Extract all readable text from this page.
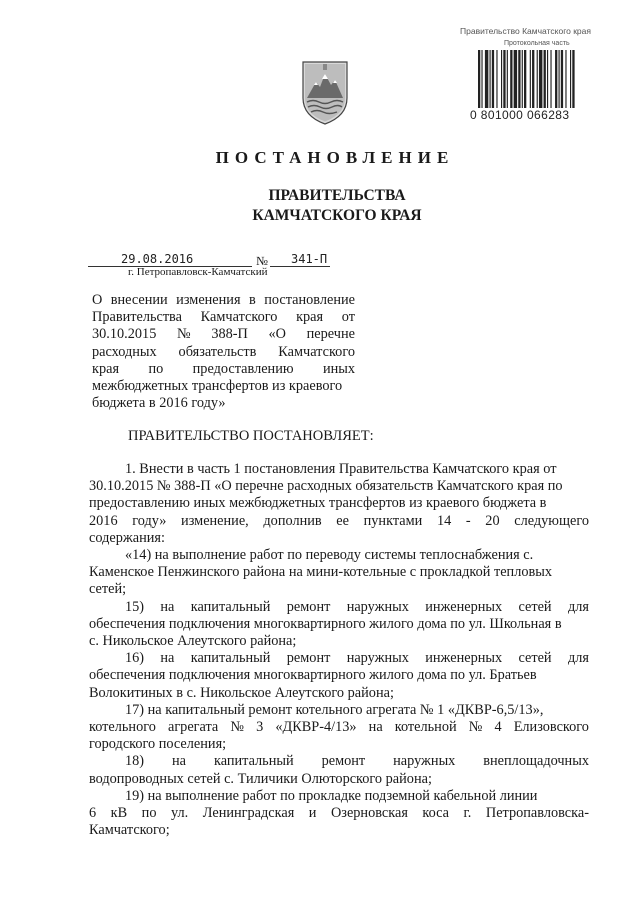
Правительство Камчатского края
Протокольная часть
0 801000 066283
ПОСТАНОВЛЕНИЕ
ПРАВИТЕЛЬСТВА
КАМЧАТСКОГО КРАЯ
29.08.2016	№ 341-П
г. Петропавловск-Камчатский
О внесении изменения в постановление
Правительства Камчатского края от
30.10.2015 № 388-П «О перечне
расходных обязательств Камчатского
края по предоставлению иных
межбюджетных трансфертов из краевого
бюджета в 2016 году»
ПРАВИТЕЛЬСТВО ПОСТАНОВЛЯЕТ:
1. Внести в часть 1 постановления Правительства Камчатского края от
30.10.2015 № 388-П «О перечне расходных обязательств Камчатского края по
предоставлению иных межбюджетных трансфертов из краевого бюджета в
2016 году» изменение, дополнив ее пунктами 14 - 20 следующего
содержания:
«14) на выполнение работ по переводу системы теплоснабжения с.
Каменское Пенжинского района на мини-котельные с прокладкой тепловых
сетей;
15) на капитальный ремонт наружных инженерных сетей для
обеспечения подключения многоквартирного жилого дома по ул. Школьная в
с. Никольское Алеутского района;
16) на капитальный ремонт наружных инженерных сетей для
обеспечения подключения многоквартирного жилого дома по ул. Братьев
Волокитиных в с. Никольское Алеутского района;
17) на капитальный ремонт котельного агрегата № 1 «ДКВР-6,5/13»,
котельного агрегата № 3 «ДКВР-4/13» на котельной № 4 Елизовского
городского поселения;
18) на капитальный ремонт наружных внеплощадочных
водопроводных сетей с. Тиличики Олюторского района;
19) на выполнение работ по прокладке подземной кабельной линии
6 кВ по ул. Ленинградская и Озерновская коса г. Петропавловска-
Камчатского;
